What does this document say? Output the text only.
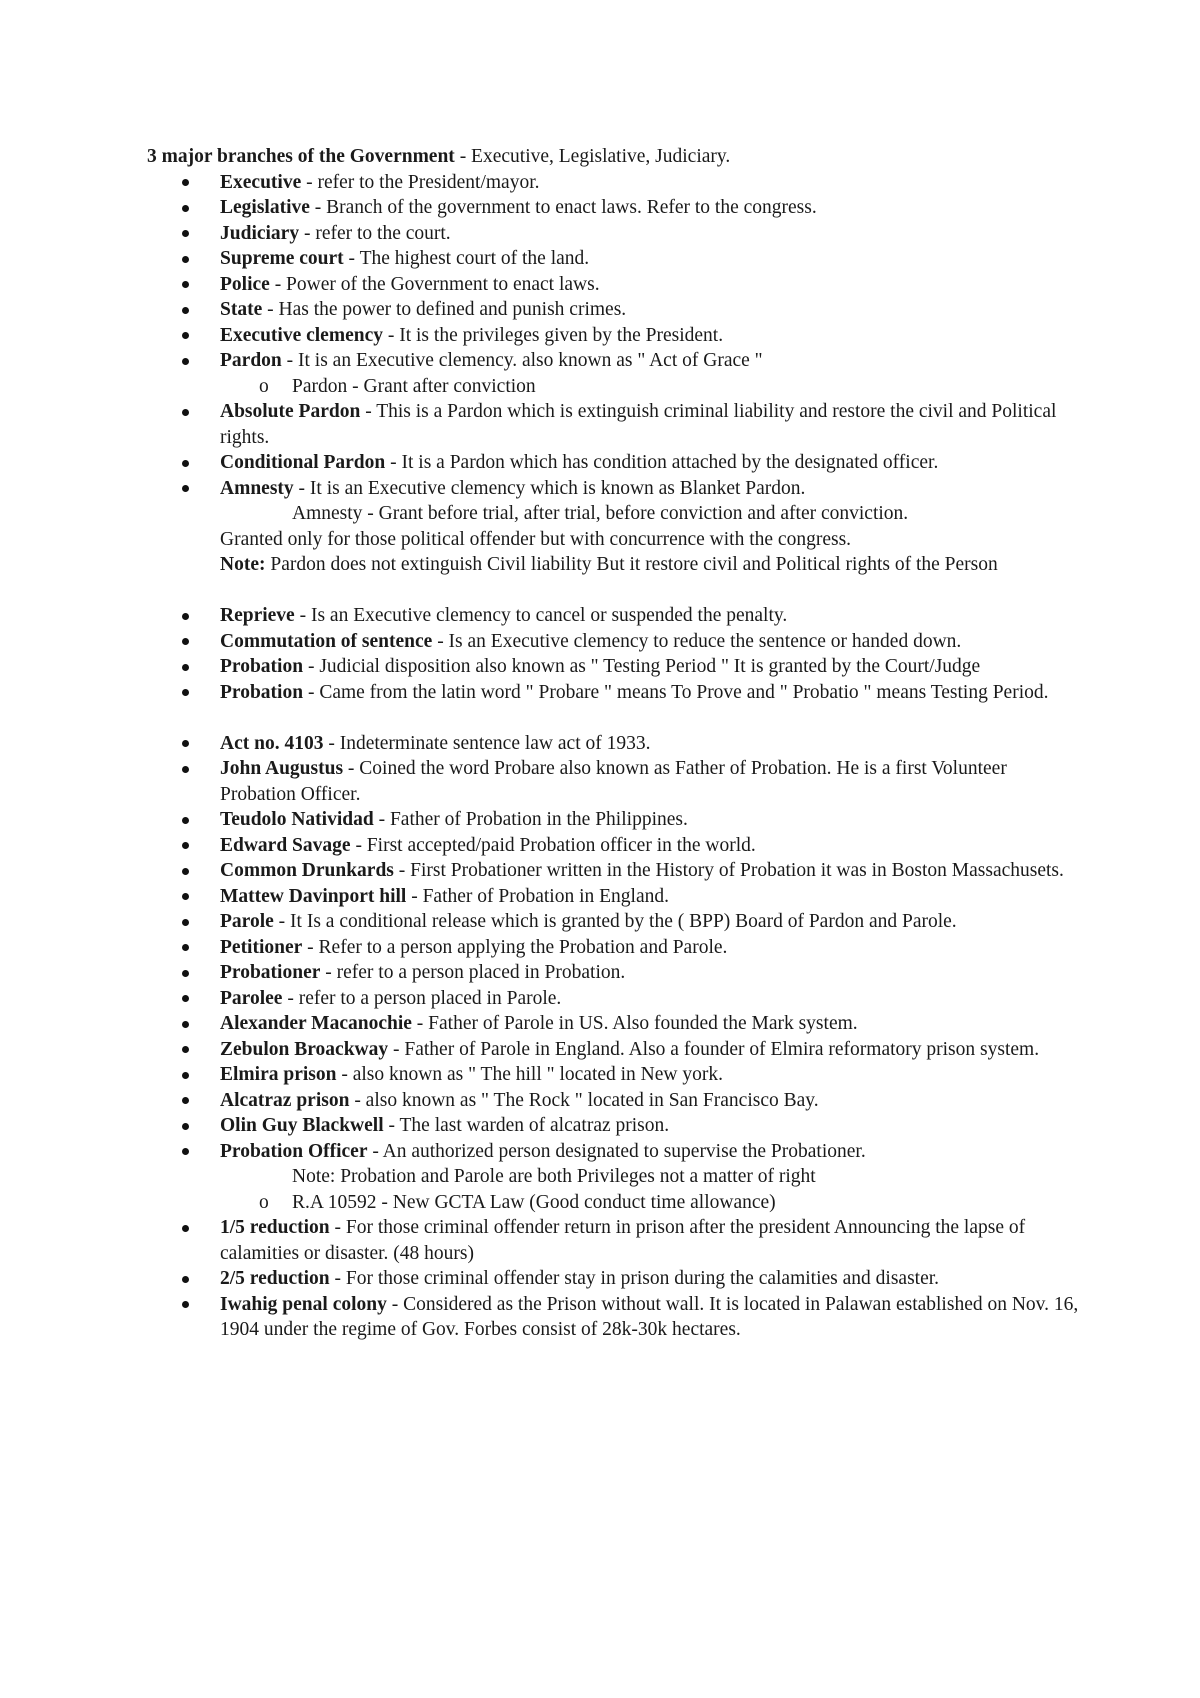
3 major branches of the Government - Executive, Legislative, Judiciary.

Executive - refer to the President/mayor.
Legislative - Branch of the government to enact laws. Refer to the congress.
Judiciary - refer to the court.
Supreme court - The highest court of the land.
Police - Power of the Government to enact laws.
State - Has the power to defined and punish crimes.
Executive clemency - It is the privileges given by the President.
Pardon - It is an Executive clemency. also known as " Act of Grace "
o Pardon - Grant after conviction
Absolute Pardon - This is a Pardon which is extinguish criminal liability and restore the civil and Political rights.
Conditional Pardon - It is a Pardon which has condition attached by the designated officer.
Amnesty - It is an Executive clemency which is known as Blanket Pardon.
Amnesty - Grant before trial, after trial, before conviction and after conviction.
Granted only for those political offender but with concurrence with the congress.
Note: Pardon does not extinguish Civil liability But it restore civil and Political rights of the Person
Reprieve - Is an Executive clemency to cancel or suspended the penalty.
Commutation of sentence - Is an Executive clemency to reduce the sentence or handed down.
Probation - Judicial disposition also known as " Testing Period " It is granted by the Court/Judge
Probation - Came from the latin word " Probare " means To Prove and " Probatio " means Testing Period.
Act no. 4103 - Indeterminate sentence law act of 1933.
John Augustus - Coined the word Probare also known as Father of Probation. He is a first Volunteer Probation Officer.
Teudolo Natividad - Father of Probation in the Philippines.
Edward Savage - First accepted/paid Probation officer in the world.
Common Drunkards - First Probationer written in the History of Probation it was in Boston Massachusets.
Mattew Davinport hill - Father of Probation in England.
Parole - It Is a conditional release which is granted by the ( BPP) Board of Pardon and Parole.
Petitioner - Refer to a person applying the Probation and Parole.
Probationer - refer to a person placed in Probation.
Parolee - refer to a person placed in Parole.
Alexander Macanochie - Father of Parole in US. Also founded the Mark system.
Zebulon Broackway - Father of Parole in England. Also a founder of Elmira reformatory prison system.
Elmira prison - also known as " The hill " located in New york.
Alcatraz prison - also known as " The Rock " located in San Francisco Bay.
Olin Guy Blackwell - The last warden of alcatraz prison.
Probation Officer - An authorized person designated to supervise the Probationer.
Note: Probation and Parole are both Privileges not a matter of right
o R.A 10592 - New GCTA Law (Good conduct time allowance)
1/5 reduction - For those criminal offender return in prison after the president Announcing the lapse of calamities or disaster. (48 hours)
2/5 reduction - For those criminal offender stay in prison during the calamities and disaster.
Iwahig penal colony - Considered as the Prison without wall. It is located in Palawan established on Nov. 16, 1904 under the regime of Gov. Forbes consist of 28k-30k hectares.
